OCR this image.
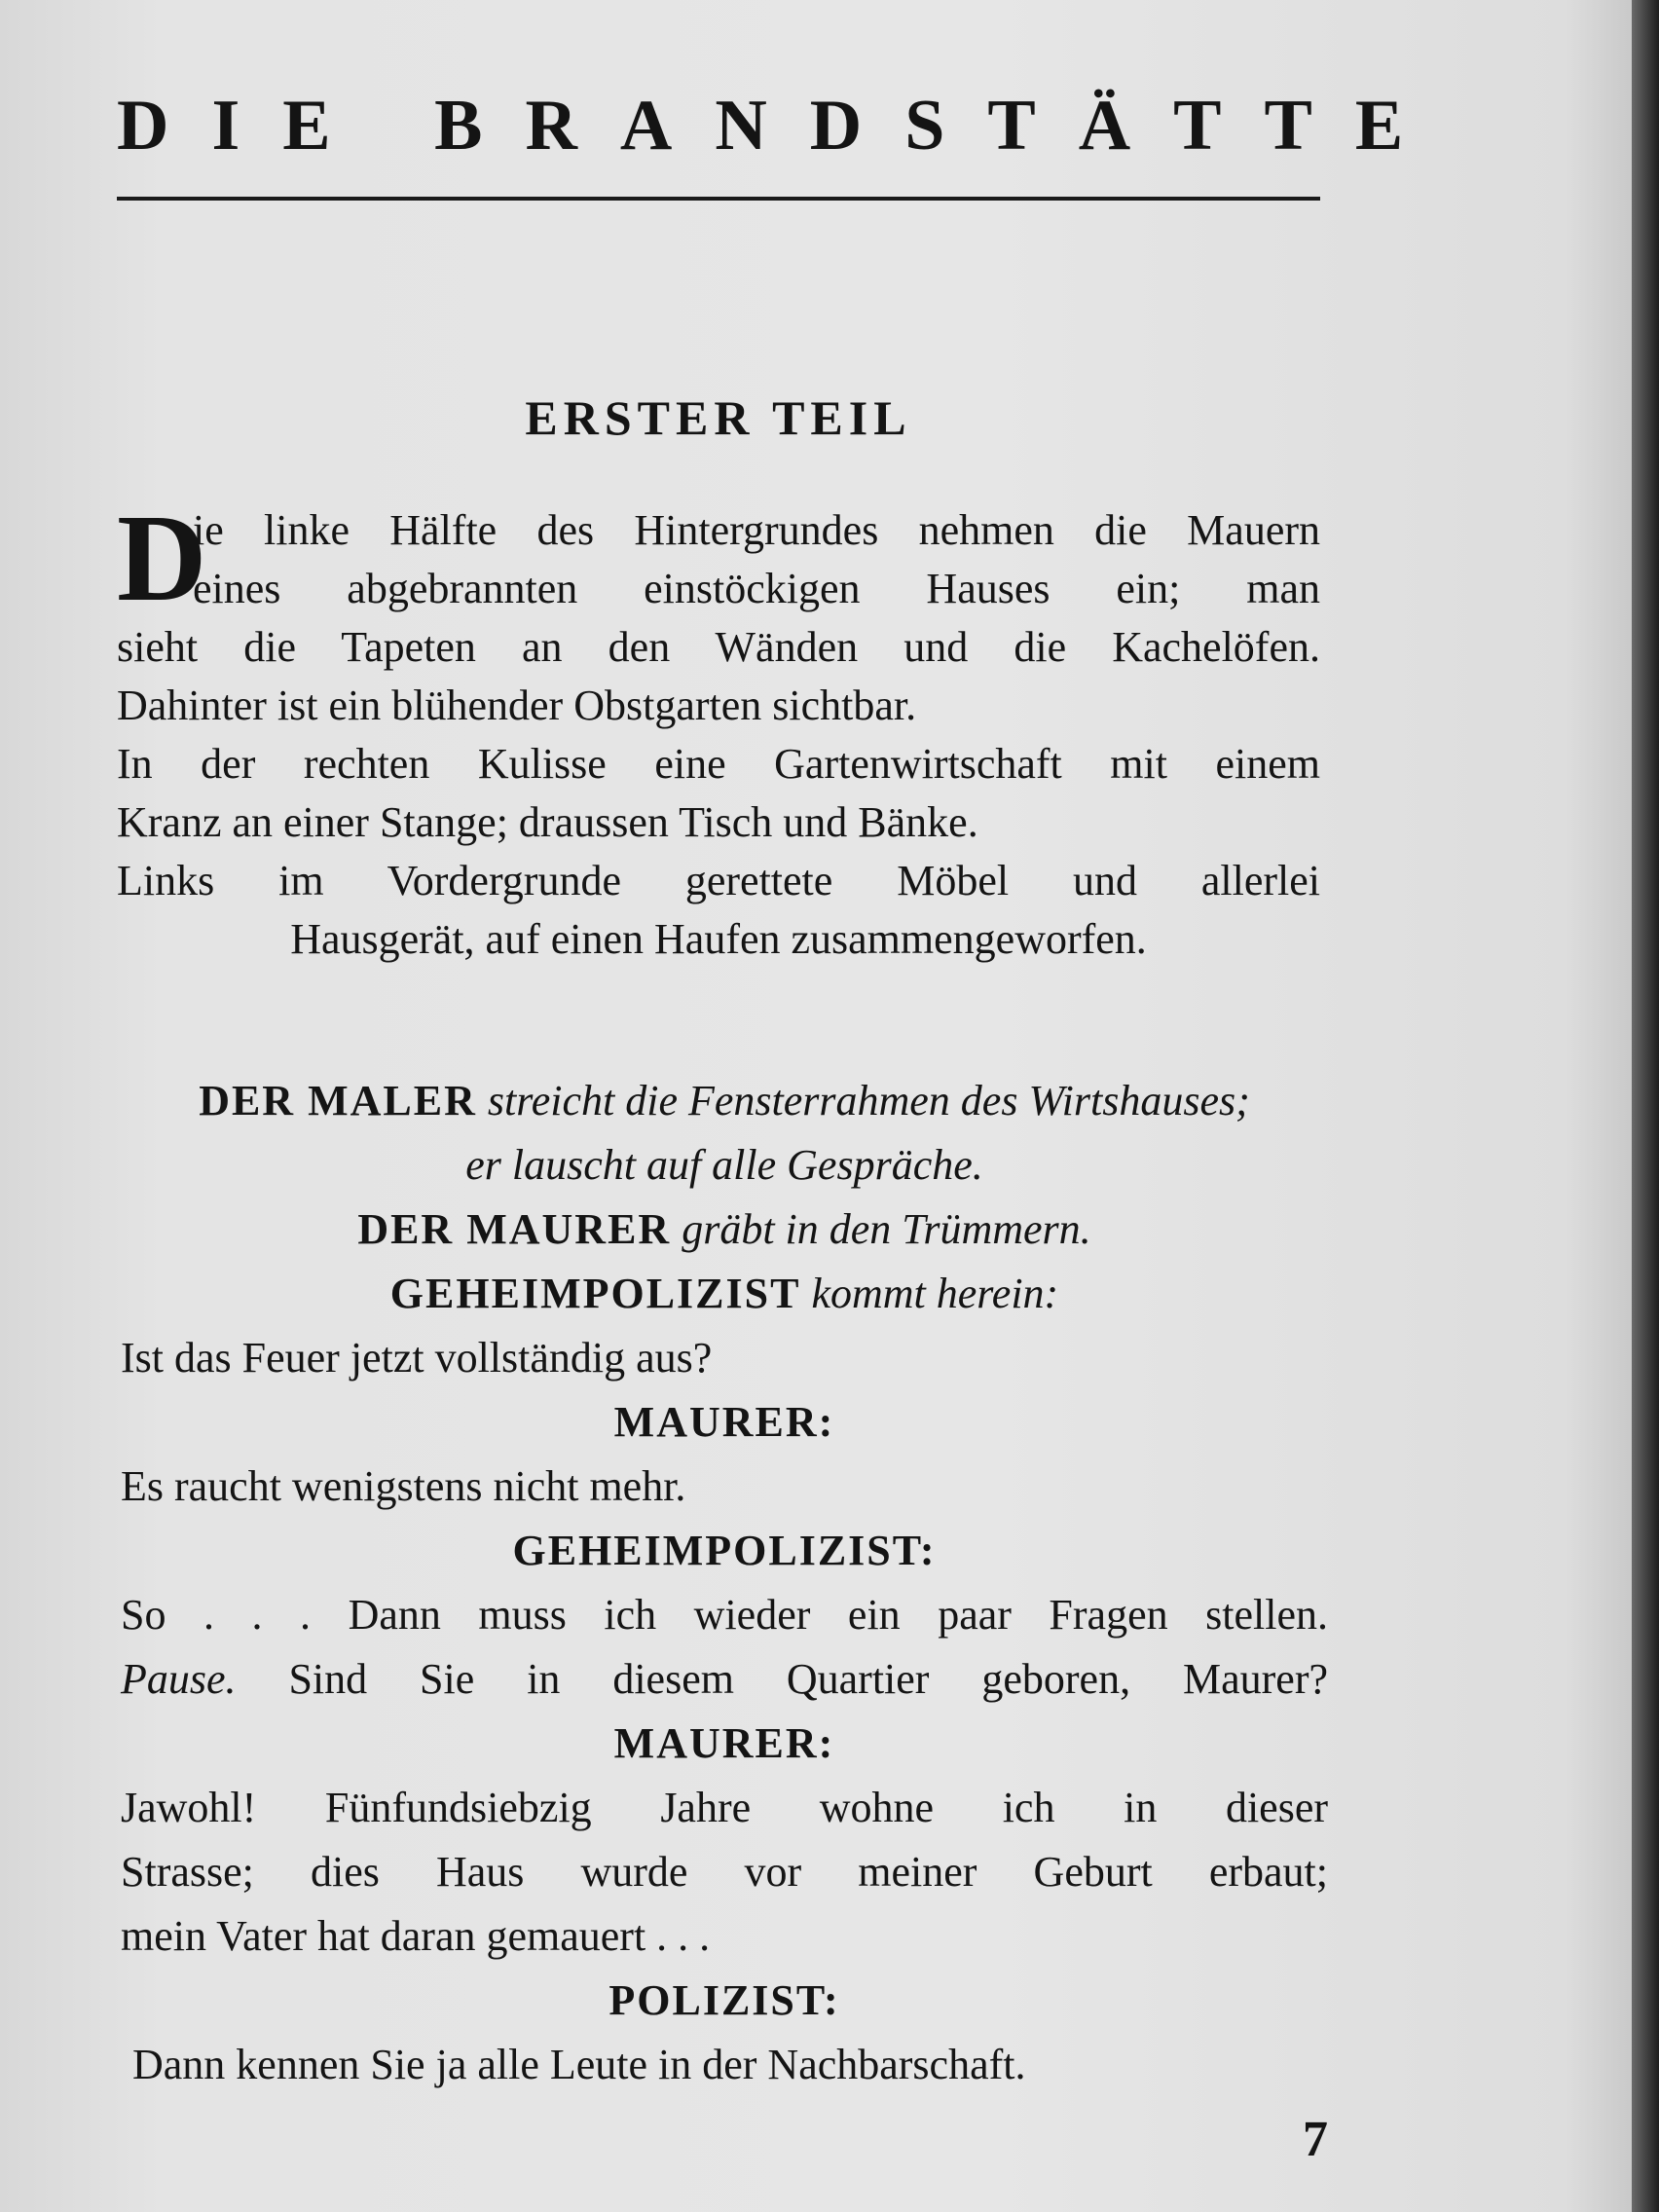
DIE BRANDSTÄTTE
ERSTER TEIL
D
ie linke Hälfte des Hintergrundes nehmen die Mauern
eines abgebrannten einstöckigen Hauses ein; man
sieht die Tapeten an den Wänden und die Kachelöfen.
Dahinter ist ein blühender Obstgarten sichtbar.
In der rechten Kulisse eine Gartenwirtschaft mit einem
Kranz an einer Stange; draussen Tisch und Bänke.
Links im Vordergrunde gerettete Möbel und allerlei
Hausgerät, auf einen Haufen zusammengeworfen.
DER MALER streicht die Fensterrahmen des Wirtshauses;
er lauscht auf alle Gespräche.
DER MAURER gräbt in den Trümmern.
GEHEIMPOLIZIST kommt herein:
Ist das Feuer jetzt vollständig aus?
MAURER:
Es raucht wenigstens nicht mehr.
GEHEIMPOLIZIST:
So . . . Dann muss ich wieder ein paar Fragen stellen.
Pause. Sind Sie in diesem Quartier geboren, Maurer?
MAURER:
Jawohl! Fünfundsiebzig Jahre wohne ich in dieser
Strasse; dies Haus wurde vor meiner Geburt erbaut;
mein Vater hat daran gemauert . . .
POLIZIST:
Dann kennen Sie ja alle Leute in der Nachbarschaft.
7
